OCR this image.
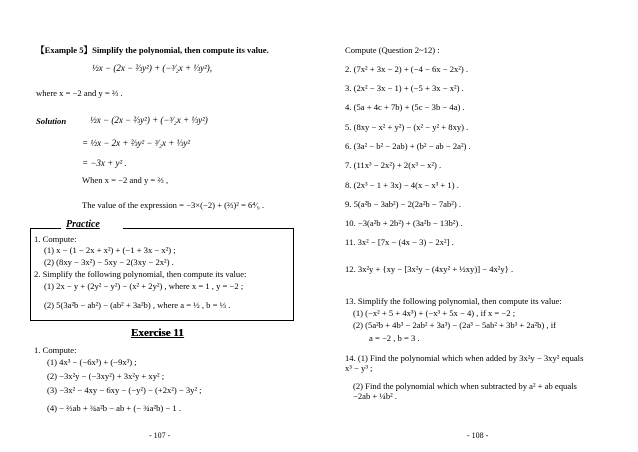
【Example 5】Simplify the polynomial, then compute its value.
½x − (2x − ⅔y²) + (−³⁄₂x + ⅓y²),
where x = −2 and y = ⅔ .
Solution	½x − (2x − ⅔y²) + (−³⁄₂x + ⅓y²)
= ½x − 2x + ⅔y² − ³⁄₂x + ⅓y²
= −3x + y² .
When x = −2 and y = ⅔ ,
The value of the expression = −3×(−2) + (⅔)² = 6⁴⁄₉ .
Practice
1. Compute:
(1) x − (1 − 2x + x²) + (−1 + 3x − x²) ;
(2) (8xy − 3x²) − 5xy − 2(3xy − 2x²) .
2. Simplify the following polynomial, then compute its value:
(1) 2x − y + (2y² − y²) − (x² + 2y²) , where x = 1 , y = −2 ;
(2) 5(3a²b − ab²) − (ab² + 3a²b) , where a = ½ , b = ⅓ .
Exercise 11
1. Compute:
(1) 4x³ − (−6x³) + (−9x³) ;
(2) −3x²y − (−3xy²) + 3x²y + xy² ;
(3) −3x² − 4xy − 6xy − (−y²) − (+2x²) − 3y² ;
(4) − ⅔ab + ¾a²b − ab + (− ¾a²b) − 1 .
- 107 -
Compute (Question 2~12) :
2. (7x² + 3x − 2) + (−4 − 6x − 2x²) .
3. (2x² − 3x − 1) + (−5 + 3x − x²) .
4. (5a + 4c + 7b) + (5c − 3b − 4a) .
5. (8xy − x² + y²) − (x² − y² + 8xy) .
6. (3a² − b² − 2ab) + (b² − ab − 2a²) .
7. (11x³ − 2x²) + 2(x³ − x²) .
8. (2x³ − 1 + 3x) − 4(x − x³ + 1) .
9. 5(a²b − 3ab²) − 2(2a²b − 7ab²) .
10. −3(a²b + 2b²) + (3a²b − 13b²) .
11. 3x² − [7x − (4x − 3) − 2x²] .
12. 3x²y + {xy − [3x²y − (4xy² + ½xy)] − 4x²y} .
13. Simplify the following polynomial, then compute its value:
(1) (−x² + 5 + 4x³) + (−x³ + 5x − 4) , if x = −2 ;
(2) (5a²b + 4b³ − 2ab² + 3a³) − (2a³ − 5ab² + 3b³ + 2a²b) , if
a = −2 , b = 3 .
14. (1) Find the polynomial which when added by 3x²y − 3xy² equals x³ − y³ ;
(2) Find the polynomial which when subtracted by a² + ab equals −2ab + ¼b² .
- 108 -
